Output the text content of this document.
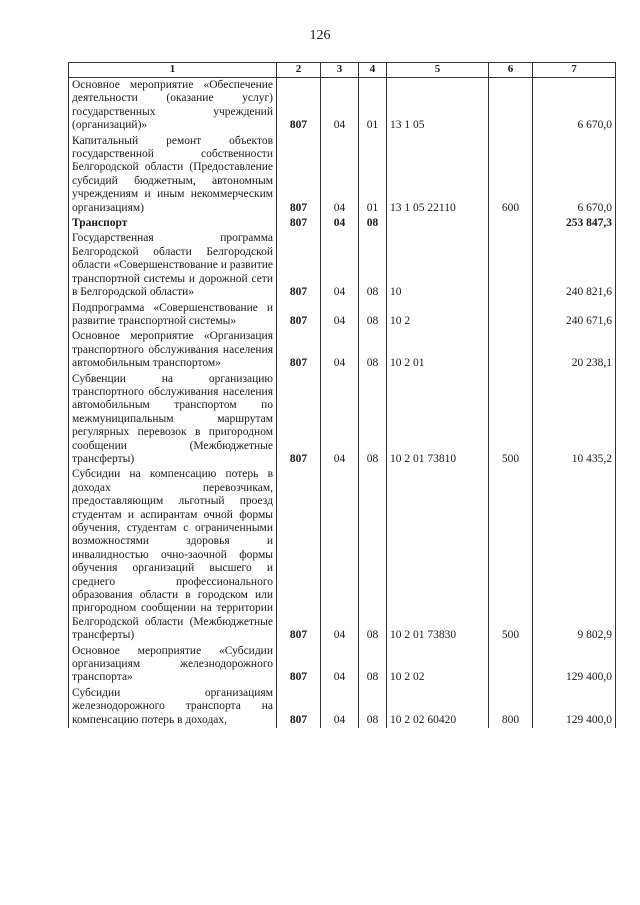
126
1	2	3	4	5	6	7
Основное мероприятие «Обеспечение деятельности (оказание услуг) государственных учреждений (организаций)»	807	04	01	13 1 05		6 670,0
Капитальный ремонт объектов государственной собственности Белгородской области (Предоставление субсидий бюджетным, автономным учреждениям и иным некоммерческим организациям)	807	04	01	13 1 05 22110	600	6 670,0
Транспорт	807	04	08			253 847,3
Государственная программа Белгородской области Белгородской области «Совершенствование и развитие транспортной системы и дорожной сети в Белгородской области»	807	04	08	10		240 821,6
Подпрограмма «Совершенствование и развитие транспортной системы»	807	04	08	10 2		240 671,6
Основное мероприятие «Организация транспортного обслуживания населения автомобильным транспортом»	807	04	08	10 2 01		20 238,1
Субвенции на организацию транспортного обслуживания населения автомобильным транспортом по межмуниципальным маршрутам регулярных перевозок в пригородном сообщении (Межбюджетные трансферты)	807	04	08	10 2 01 73810	500	10 435,2
Субсидии на компенсацию потерь в доходах перевозчикам, предоставляющим льготный проезд студентам и аспирантам очной формы обучения, студентам с ограниченными возможностями здоровья и инвалидностью очно-заочной формы обучения организаций высшего и среднего профессионального образования области в городском или пригородном сообщении на территории Белгородской области (Межбюджетные трансферты)	807	04	08	10 2 01 73830	500	9 802,9
Основное мероприятие «Субсидии организациям железнодорожного транспорта»	807	04	08	10 2 02		129 400,0
Субсидии организациям железнодорожного транспорта на компенсацию потерь в доходах,	807	04	08	10 2 02 60420	800	129 400,0
